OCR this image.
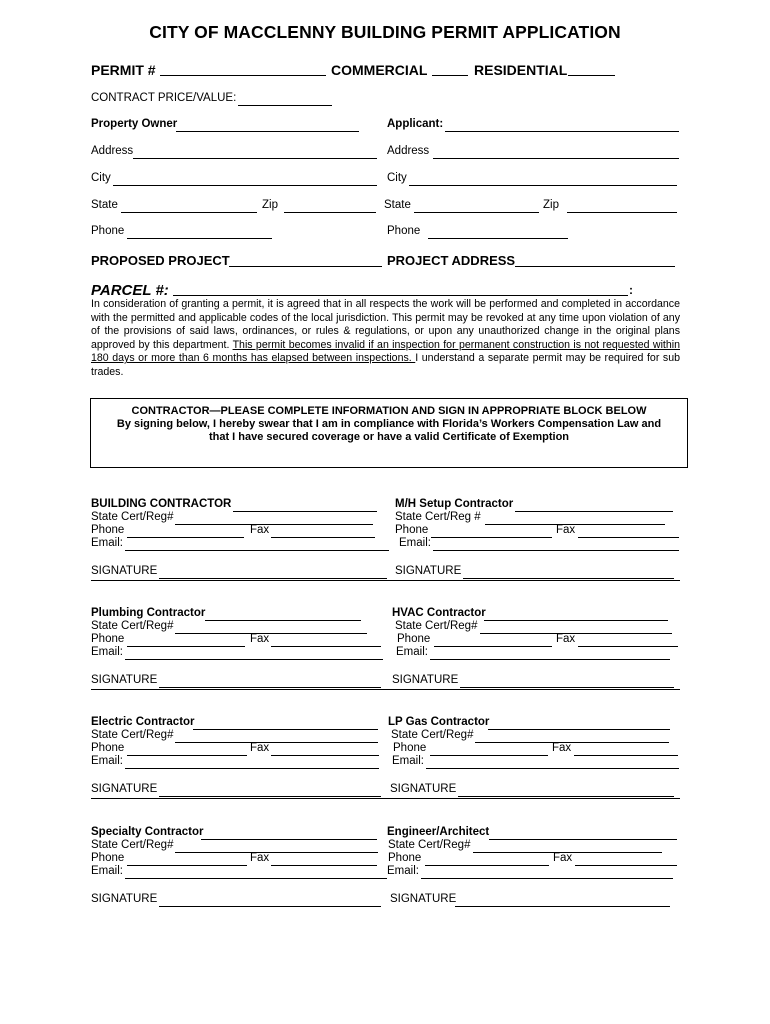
CITY OF MACCLENNY BUILDING PERMIT APPLICATION
PERMIT #	COMMERCIAL	RESIDENTIAL
CONTRACT PRICE/VALUE:
Property Owner	Applicant:
Address	Address
City	City
State	Zip	State	Zip
Phone	Phone
PROPOSED PROJECT	PROJECT ADDRESS
PARCEL #:	:
In consideration of granting a permit, it is agreed that in all respects the work will be performed and completed in accordance with the permitted and applicable codes of the local jurisdiction. This permit may be revoked at any time upon violation of any of the provisions of said laws, ordinances, or rules & regulations, or upon any unauthorized change in the original plans approved by this department. This permit becomes invalid if an inspection for permanent construction is not requested within 180 days or more than 6 months has elapsed between inspections. I understand a separate permit may be required for sub trades.
CONTRACTOR—PLEASE COMPLETE INFORMATION AND SIGN IN APPROPRIATE BLOCK BELOW
By signing below, I hereby swear that I am in compliance with Florida’s Workers Compensation Law and
that I have secured coverage or have a valid Certificate of Exemption
BUILDING CONTRACTOR
State Cert/Reg#
Phone	Fax
Email:
SIGNATURE
M/H Setup Contractor
State Cert/Reg #
Phone	Fax
Email:
SIGNATURE
Plumbing Contractor
State Cert/Reg#
Phone	Fax
Email:
SIGNATURE
HVAC Contractor
State Cert/Reg#
Phone	Fax
Email:
SIGNATURE
Electric Contractor
State Cert/Reg#
Phone	Fax
Email:
SIGNATURE
LP Gas Contractor
State Cert/Reg#
Phone	Fax
Email:
SIGNATURE
Specialty Contractor
State Cert/Reg#
Phone	Fax
Email:
SIGNATURE
Engineer/Architect
State Cert/Reg#
Phone	Fax
Email:
SIGNATURE
